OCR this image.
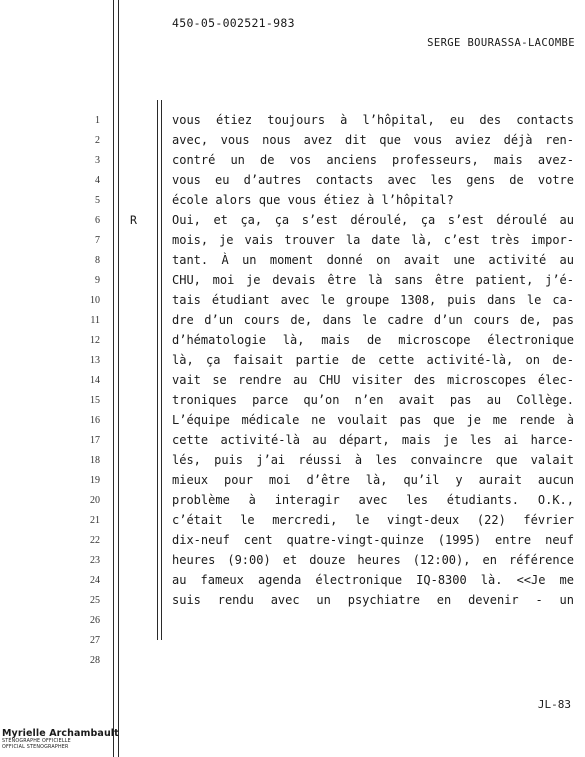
450-05-002521-983
SERGE BOURASSA-LACOMBE
1	vous étiez toujours à l’hôpital, eu des contacts
2	avec, vous nous avez dit que vous aviez déjà ren-
3	contré un de vos anciens professeurs, mais avez-
4	vous eu d’autres contacts avec les gens de votre
5	école alors que vous étiez à l’hôpital?
6	R	Oui, et ça, ça s’est déroulé, ça s’est déroulé au
7	mois, je vais trouver la date là, c’est très impor-
8	tant. À un moment donné on avait une activité au
9	CHU, moi je devais être là sans être patient, j’é-
10	tais étudiant avec le groupe 1308, puis dans le ca-
11	dre d’un cours de, dans le cadre d’un cours de, pas
12	d’hématologie là, mais de microscope électronique
13	là, ça faisait partie de cette activité-là, on de-
14	vait se rendre au CHU visiter des microscopes élec-
15	troniques parce qu’on n’en avait pas au Collège.
16	L’équipe médicale ne voulait pas que je me rende à
17	cette activité-là au départ, mais je les ai harce-
18	lés, puis j’ai réussi à les convaincre que valait
19	mieux pour moi d’être là, qu’il y aurait aucun
20	problème à interagir avec les étudiants. O.K.,
21	c’était le mercredi, le vingt-deux (22) février
22	dix-neuf cent quatre-vingt-quinze (1995) entre neuf
23	heures (9:00) et douze heures (12:00), en référence
24	au fameux agenda électronique IQ-8300 là. <<Je me
25	suis rendu avec un psychiatre en devenir - un
26
27
28
JL-83
Myrielle Archambault
STÉNOGRAPHE OFFICIELLE
OFFICIAL STENOGRAPHER
